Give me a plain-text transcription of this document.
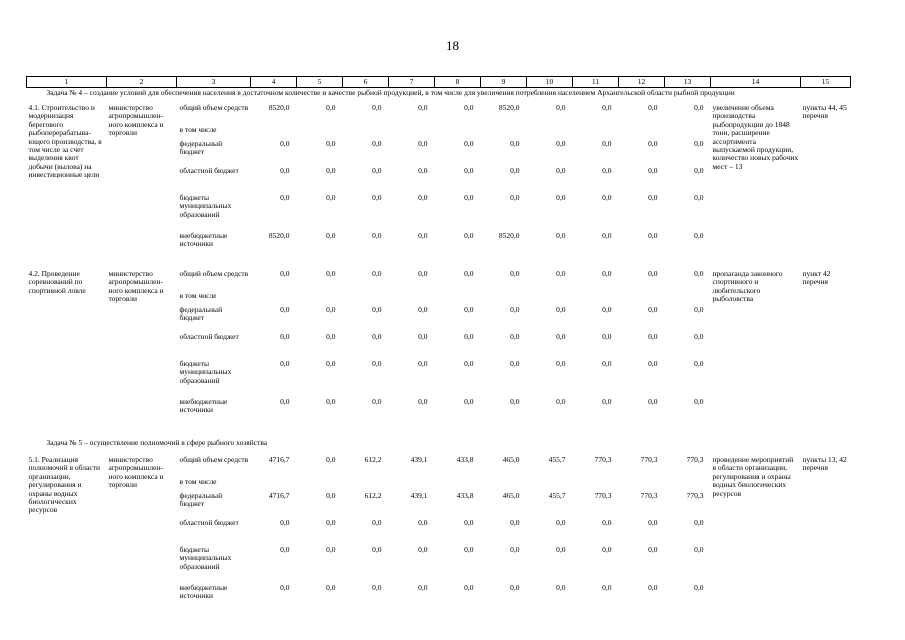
18
1	2	3	4	5	6	7	8	9	10	11	12	13	14	15
Задача № 4 – создание условий для обеспечения населения в достаточном количестве и качестве рыбной продукцией, в том числе для увеличения потребления населением Архангельской области рыбной продукции														

4.1. Строительство и модернизация берегового рыбоперерабатыва-ющего производства, в том числе за счет выделения квот добычи (вылова) на инвестиционные цели	министерство агропромышлен-ного комплекса и торговли	общий объем средств	8520,0	0,0	0,0	0,0	0,0	8520,0	0,0	0,0	0,0	0,0	увеличение объема производства рыбопродукции до 1848 тонн, расширение ассортимента выпускаемой продукции, количество новых рабочих мест – 13	пункты 44, 45 перечня
		в том числе												
		федеральный бюджет	0,0	0,0	0,0	0,0	0,0	0,0	0,0	0,0	0,0	0,0		
		областной бюджет	0,0	0,0	0,0	0,0	0,0	0,0	0,0	0,0	0,0	0,0		
		бюджеты муниципальных образований	0,0	0,0	0,0	0,0	0,0	0,0	0,0	0,0	0,0	0,0		
		внебюджетные источники	8520,0	0,0	0,0	0,0	0,0	8520,0	0,0	0,0	0,0	0,0		

4.2. Проведение соревнований по спортивной ловле	министерство агропромышлен-ного комплекса и торговли	общий объем средств	0,0	0,0	0,0	0,0	0,0	0,0	0,0	0,0	0,0	0,0	пропаганда законного спортивного и любительского рыболовства	пункт 42 перечня
		в том числе												
		федеральный бюджет	0,0	0,0	0,0	0,0	0,0	0,0	0,0	0,0	0,0	0,0		
		областной бюджет	0,0	0,0	0,0	0,0	0,0	0,0	0,0	0,0	0,0	0,0		
		бюджеты муниципальных образований	0,0	0,0	0,0	0,0	0,0	0,0	0,0	0,0	0,0	0,0		
		внебюджетные источники	0,0	0,0	0,0	0,0	0,0	0,0	0,0	0,0	0,0	0,0		

Задача № 5 – осуществление полномочий в сфере рыбного хозяйства														

5.1. Реализация полномочий в области организации, регулирования и охраны водных биологических ресурсов	министерство агропромышлен-ного комплекса и торговли	общий объем средств	4716,7	0,0	612,2	439,1	433,8	465,0	455,7	770,3	770,3	770,3	проведение мероприятий в области организации, регулирования и охраны водных биологических ресурсов	пункты 13, 42 перечня
		в том числе												
		федеральный бюджет	4716,7	0,0	612,2	439,1	433,8	465,0	455,7	770,3	770,3	770,3		
		областной бюджет	0,0	0,0	0,0	0,0	0,0	0,0	0,0	0,0	0,0	0,0		
		бюджеты муниципальных образований	0,0	0,0	0,0	0,0	0,0	0,0	0,0	0,0	0,0	0,0		
		внебюджетные источники	0,0	0,0	0,0	0,0	0,0	0,0	0,0	0,0	0,0	0,0		
